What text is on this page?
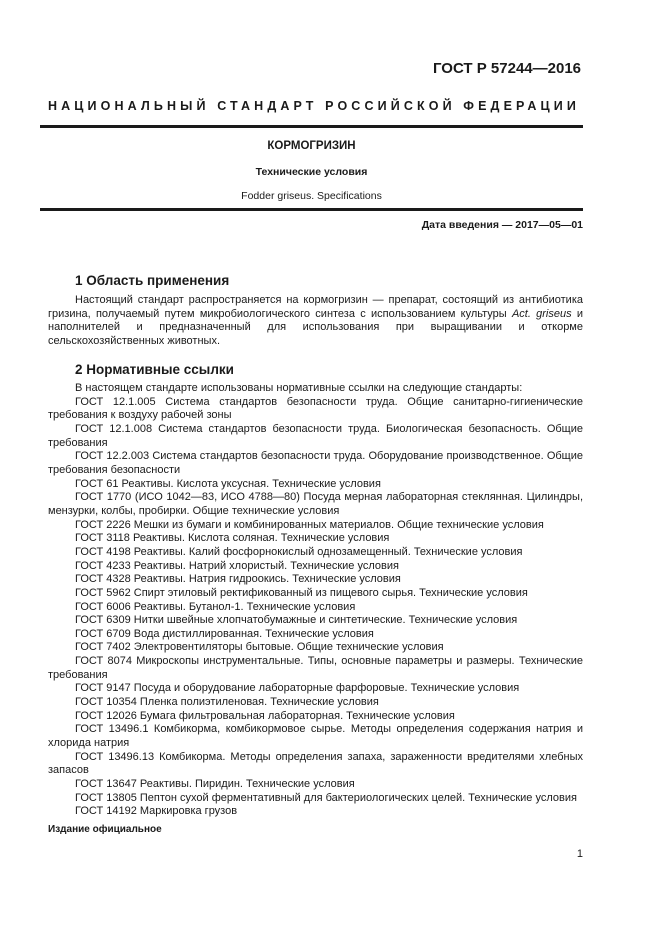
ГОСТ Р 57244—2016
НАЦИОНАЛЬНЫЙ СТАНДАРТ РОССИЙСКОЙ ФЕДЕРАЦИИ
КОРМОГРИЗИН
Технические условия
Fodder griseus. Specifications
Дата введения — 2017—05—01
1 Область применения
Настоящий стандарт распространяется на кормогризин — препарат, состоящий из антибиотика гризина, получаемый путем микробиологического синтеза с использованием культуры Act. griseus и наполнителей и предназначенный для использования при выращивании и откорме сельскохозяйственных животных.
2 Нормативные ссылки

В настоящем стандарте использованы нормативные ссылки на следующие стандарты:

ГОСТ 12.1.005 Система стандартов безопасности труда. Общие санитарно-гигиенические требования к воздуху рабочей зоны

ГОСТ 12.1.008 Система стандартов безопасности труда. Биологическая безопасность. Общие требования

ГОСТ 12.2.003 Система стандартов безопасности труда. Оборудование производственное. Общие требования безопасности

ГОСТ 61 Реактивы. Кислота уксусная. Технические условия

ГОСТ 1770 (ИСО 1042—83, ИСО 4788—80) Посуда мерная лабораторная стеклянная. Цилиндры, мензурки, колбы, пробирки. Общие технические условия

ГОСТ 2226 Мешки из бумаги и комбинированных материалов. Общие технические условия

ГОСТ 3118 Реактивы. Кислота соляная. Технические условия

ГОСТ 4198 Реактивы. Калий фосфорнокислый однозамещенный. Технические условия

ГОСТ 4233 Реактивы. Натрий хлористый. Технические условия

ГОСТ 4328 Реактивы. Натрия гидроокись. Технические условия

ГОСТ 5962 Спирт этиловый ректификованный из пищевого сырья. Технические условия

ГОСТ 6006 Реактивы. Бутанол-1. Технические условия

ГОСТ 6309 Нитки швейные хлопчатобумажные и синтетические. Технические условия

ГОСТ 6709 Вода дистиллированная. Технические условия

ГОСТ 7402 Электровентиляторы бытовые. Общие технические условия

ГОСТ 8074 Микроскопы инструментальные. Типы, основные параметры и размеры. Технические требования

ГОСТ 9147 Посуда и оборудование лабораторные фарфоровые. Технические условия

ГОСТ 10354 Пленка полиэтиленовая. Технические условия

ГОСТ 12026 Бумага фильтровальная лабораторная. Технические условия

ГОСТ 13496.1 Комбикорма, комбикормовое сырье. Методы определения содержания натрия и хлорида натрия

ГОСТ 13496.13 Комбикорма. Методы определения запаха, зараженности вредителями хлебных запасов

ГОСТ 13647 Реактивы. Пиридин. Технические условия

ГОСТ 13805 Пептон сухой ферментативный для бактериологических целей. Технические условия

ГОСТ 14192 Маркировка грузов

Издание официальное
1
